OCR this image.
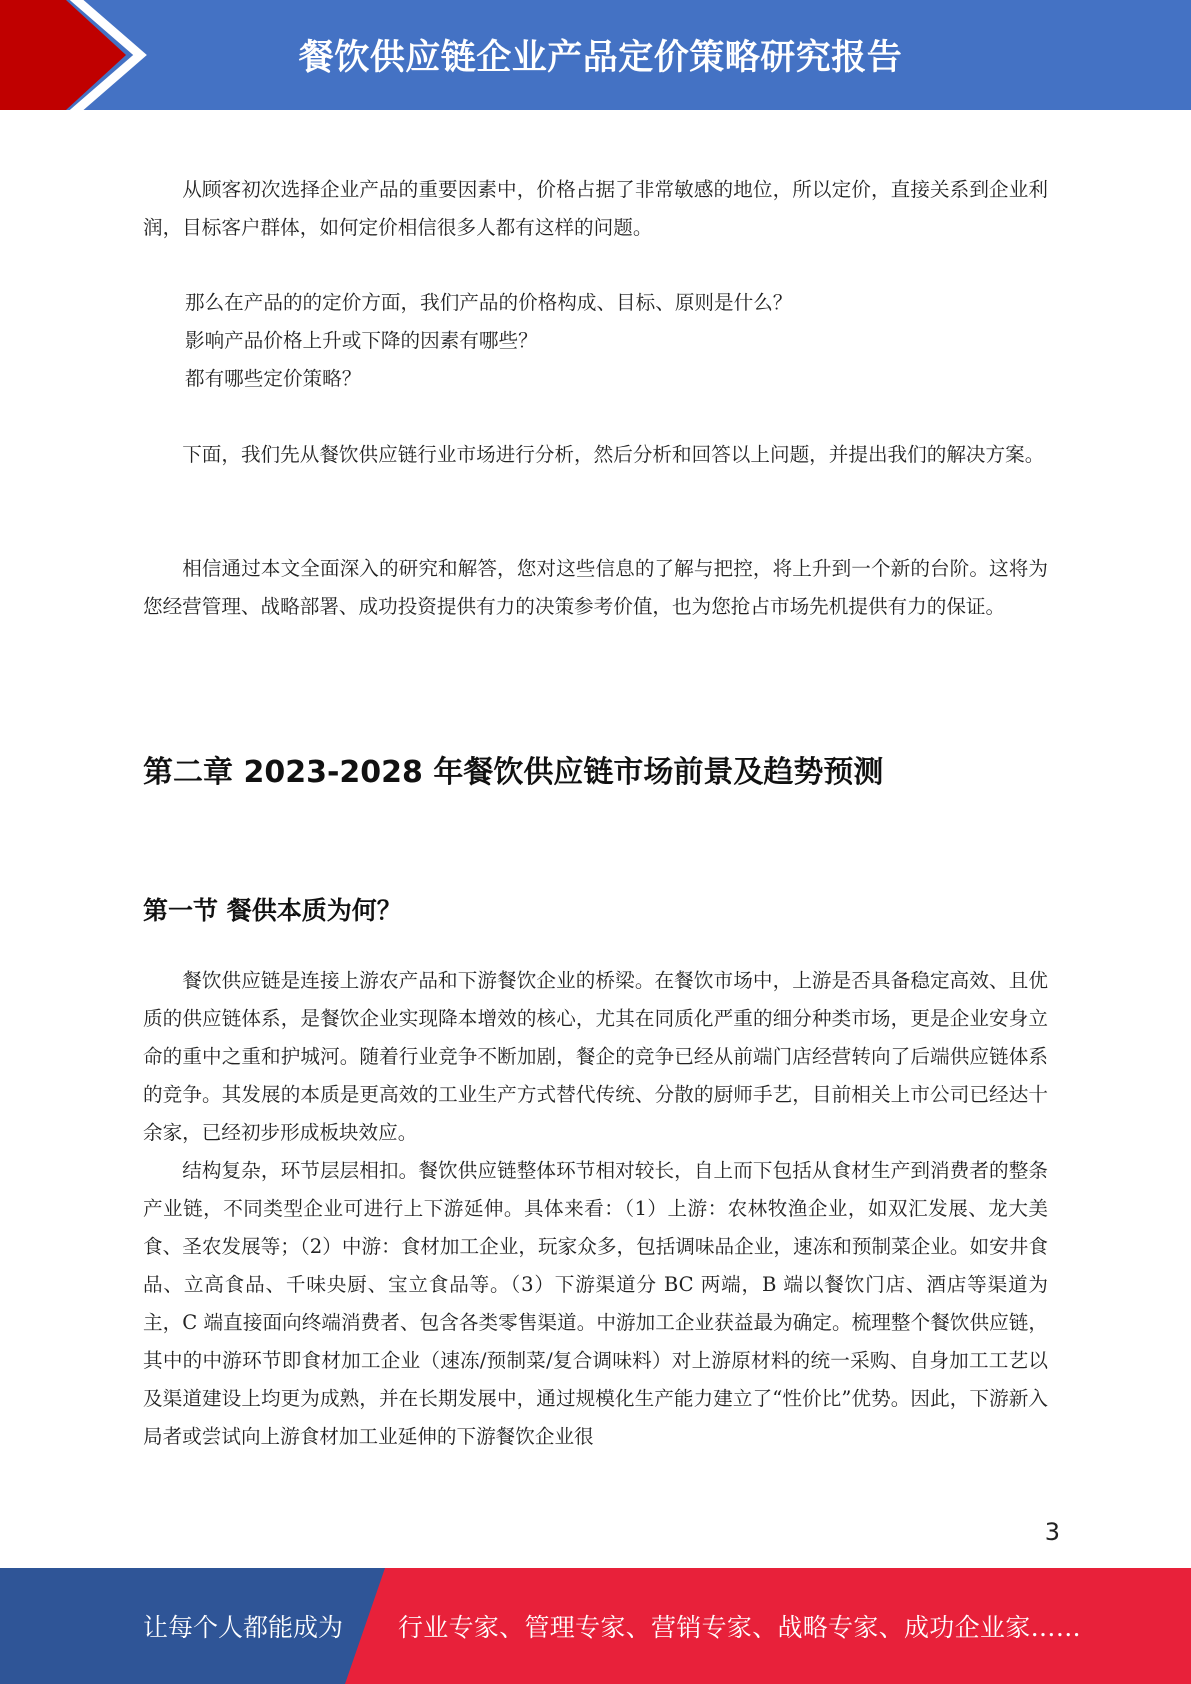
餐饮供应链企业产品定价策略研究报告

从顾客初次选择企业产品的重要因素中，价格占据了非常敏感的地位，所以定价，直接关系到企业利润，目标客户群体，如何定价相信很多人都有这样的问题。

那么在产品的的定价方面，我们产品的价格构成、目标、原则是什么？
影响产品价格上升或下降的因素有哪些？
都有哪些定价策略？

下面，我们先从餐饮供应链行业市场进行分析，然后分析和回答以上问题，并提出我们的解决方案。

相信通过本文全面深入的研究和解答，您对这些信息的了解与把控，将上升到一个新的台阶。这将为您经营管理、战略部署、成功投资提供有力的决策参考价值，也为您抢占市场先机提供有力的保证。

第二章 2023-2028 年餐饮供应链市场前景及趋势预测
第一节 餐供本质为何？

餐饮供应链是连接上游农产品和下游餐饮企业的桥梁。在餐饮市场中，上游是否具备稳定高效、且优质的供应链体系，是餐饮企业实现降本增效的核心，尤其在同质化严重的细分种类市场，更是企业安身立命的重中之重和护城河。随着行业竞争不断加剧，餐企的竞争已经从前端门店经营转向了后端供应链体系的竞争。其发展的本质是更高效的工业生产方式替代传统、分散的厨师手艺，目前相关上市公司已经达十余家，已经初步形成板块效应。

结构复杂，环节层层相扣。餐饮供应链整体环节相对较长，自上而下包括从食材生产到消费者的整条产业链，不同类型企业可进行上下游延伸。具体来看：（1）上游：农林牧渔企业，如双汇发展、龙大美食、圣农发展等；（2）中游：食材加工企业，玩家众多，包括调味品企业，速冻和预制菜企业。如安井食品、立高食品、千味央厨、宝立食品等。（3）下游渠道分 BC 两端，B 端以餐饮门店、酒店等渠道为主，C 端直接面向终端消费者、包含各类零售渠道。中游加工企业获益最为确定。梳理整个餐饮供应链，其中的中游环节即食材加工企业（速冻/预制菜/复合调味料）对上游原材料的统一采购、自身加工工艺以及渠道建设上均更为成熟，并在长期发展中，通过规模化生产能力建立了“性价比”优势。因此，下游新入局者或尝试向上游食材加工业延伸的下游餐饮企业很

3
让每个人都能成为 行业专家、管理专家、营销专家、战略专家、成功企业家……
